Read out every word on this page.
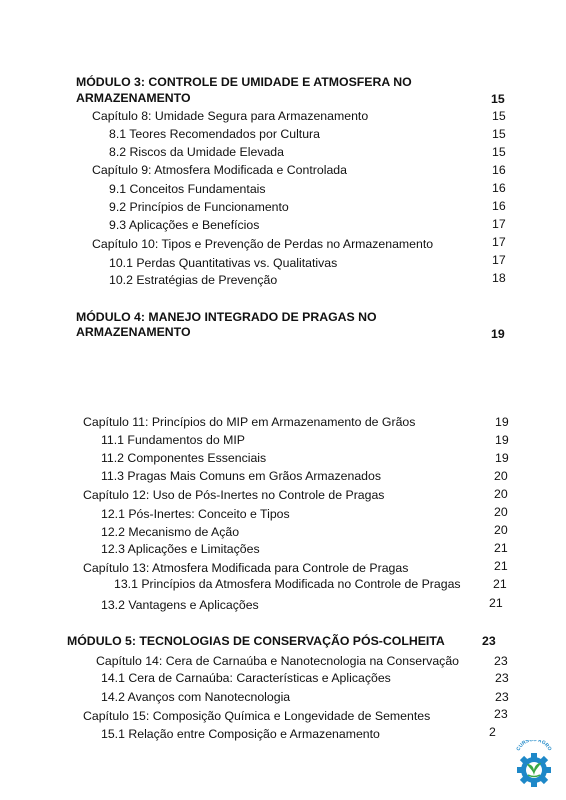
MÓDULO 3: CONTROLE DE UMIDADE E ATMOSFERA NO
ARMAZENAMENTO	15
Capítulo 8: Umidade Segura para Armazenamento	15
8.1 Teores Recomendados por Cultura	15
8.2 Riscos da Umidade Elevada	15
Capítulo 9: Atmosfera Modificada e Controlada	16
9.1 Conceitos Fundamentais	16
9.2 Princípios de Funcionamento	16
9.3 Aplicações e Benefícios	17
Capítulo 10: Tipos e Prevenção de Perdas no Armazenamento	17
10.1 Perdas Quantitativas vs. Qualitativas	17
10.2 Estratégias de Prevenção	18
MÓDULO 4: MANEJO INTEGRADO DE PRAGAS NO
ARMAZENAMENTO	19
Capítulo 11: Princípios do MIP em Armazenamento de Grãos	19
11.1 Fundamentos do MIP	19
11.2 Componentes Essenciais	19
11.3 Pragas Mais Comuns em Grãos Armazenados	20
Capítulo 12: Uso de Pós-Inertes no Controle de Pragas	20
12.1 Pós-Inertes: Conceito e Tipos	20
12.2 Mecanismo de Ação	20
12.3 Aplicações e Limitações	21
Capítulo 13: Atmosfera Modificada para Controle de Pragas	21
13.1 Princípios da Atmosfera Modificada no Controle de Pragas	21
13.2 Vantagens e Aplicações	21
MÓDULO 5: TECNOLOGIAS DE CONSERVAÇÃO PÓS-COLHEITA	23
Capítulo 14: Cera de Carnaúba e Nanotecnologia na Conservação	23
14.1 Cera de Carnaúba: Características e Aplicações	23
14.2 Avanços com Nanotecnologia	23
Capítulo 15: Composição Química e Longevidade de Sementes	23
15.1 Relação entre Composição e Armazenamento	2
CURSOS AGRO
